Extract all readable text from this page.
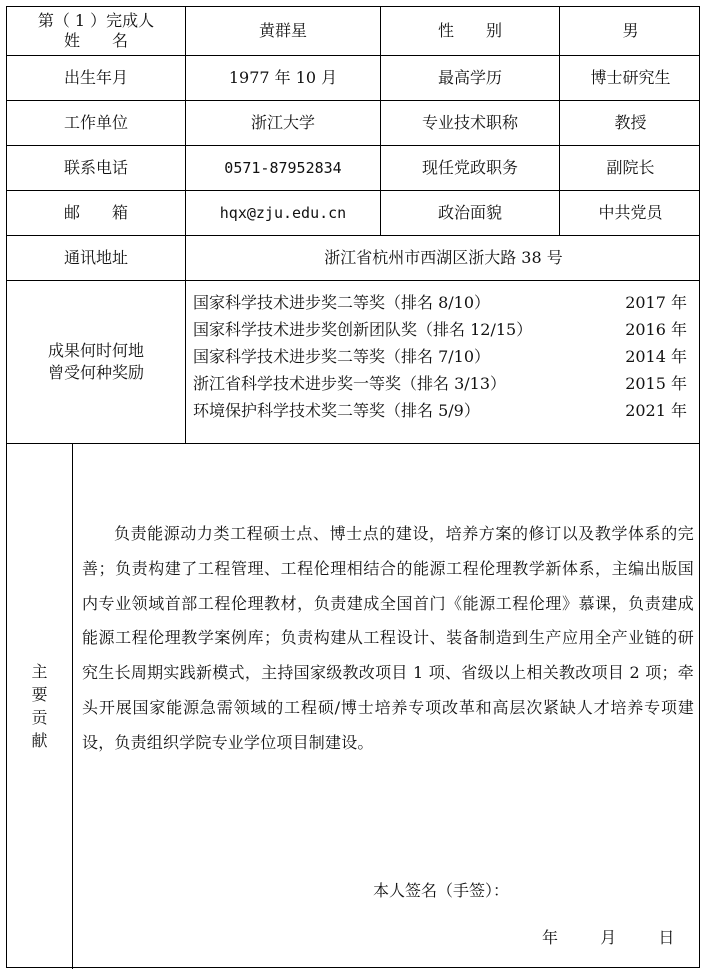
第（ 1 ）完成人
姓　　名
黄群星	性　　别	男
出生年月	1977 年 10 月	最高学历	博士研究生
工作单位	浙江大学	专业技术职称	教授
联系电话	0571-87952834	现任党政职务	副院长
邮　　箱	hqx@zju.edu.cn	政治面貌	中共党员
通讯地址	浙江省杭州市西湖区浙大路 38 号
成果何时何地
曾受何种奖励
国家科学技术进步奖二等奖（排名 8/10）	2017 年
国家科学技术进步奖创新团队奖（排名 12/15）	2016 年
国家科学技术进步奖二等奖（排名 7/10）	2014 年
浙江省科学技术进步奖一等奖（排名 3/13）	2015 年
环境保护科学技术奖二等奖（排名 5/9）	2021 年
主
要
贡
献
负责能源动力类工程硕士点、博士点的建设，培养方案的修订以及教学体系的完善；负责构建了工程管理、工程伦理相结合的能源工程伦理教学新体系，主编出版国内专业领域首部工程伦理教材，负责建成全国首门《能源工程伦理》慕课，负责建成能源工程伦理教学案例库；负责构建从工程设计、装备制造到生产应用全产业链的研究生长周期实践新模式，主持国家级教改项目 1 项、省级以上相关教改项目 2 项；牵头开展国家能源急需领域的工程硕/博士培养专项改革和高层次紧缺人才培养专项建设，负责组织学院专业学位项目制建设。
本人签名（手签）：
年	月	日
